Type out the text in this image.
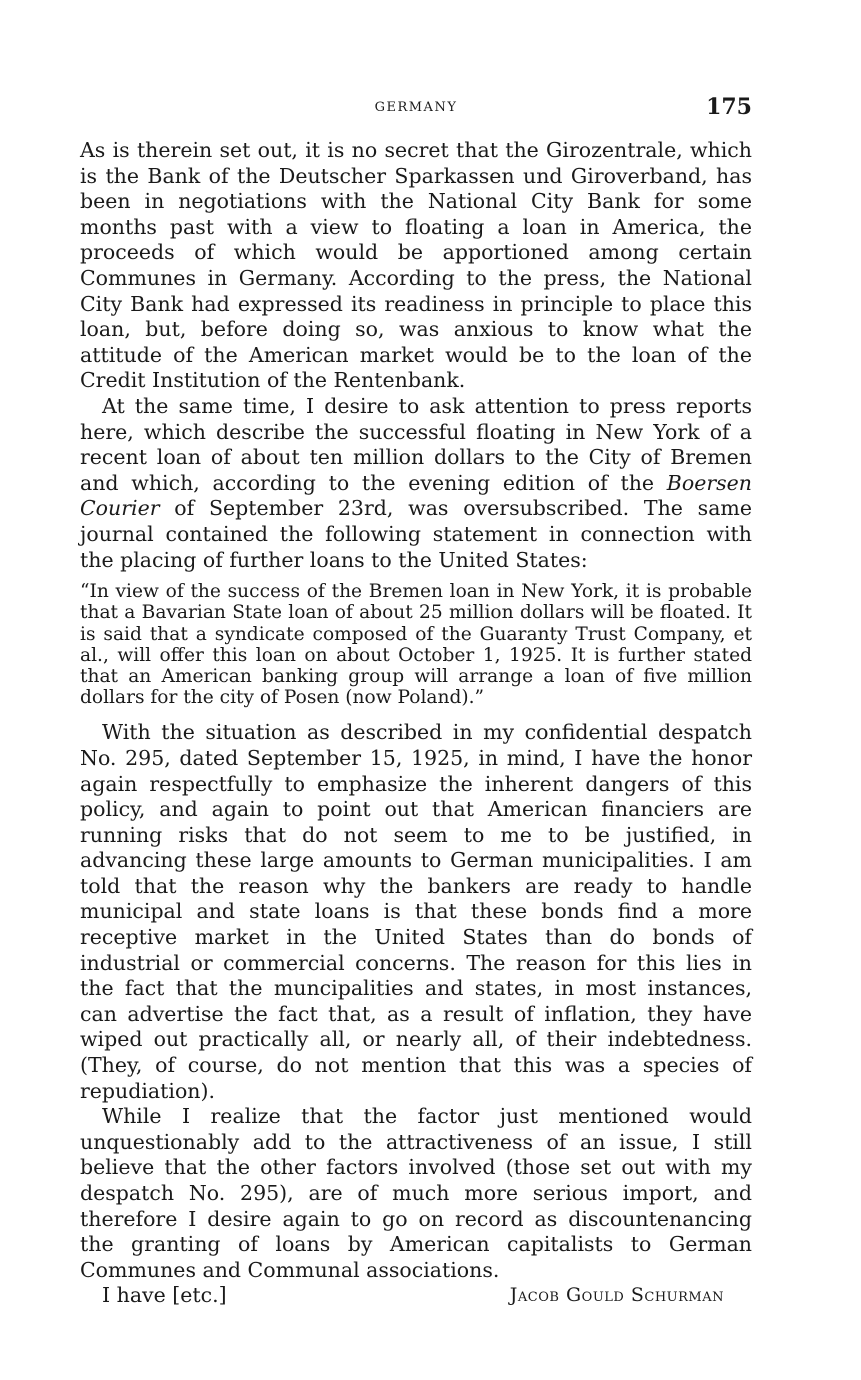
GERMANY	175

As is therein set out, it is no secret that the Girozentrale, which is the Bank of the Deutscher Sparkassen und Giroverband, has been in negotiations with the National City Bank for some months past with a view to floating a loan in America, the proceeds of which would be apportioned among certain Communes in Germany. According to the press, the National City Bank had expressed its readiness in principle to place this loan, but, before doing so, was anxious to know what the attitude of the American market would be to the loan of the Credit Institution of the Rentenbank.

At the same time, I desire to ask attention to press reports here, which describe the successful floating in New York of a recent loan of about ten million dollars to the City of Bremen and which, according to the evening edition of the Boersen Courier of September 23rd, was oversubscribed. The same journal contained the following statement in connection with the placing of further loans to the United States:

“In view of the success of the Bremen loan in New York, it is probable that a Bavarian State loan of about 25 million dollars will be floated. It is said that a syndicate composed of the Guaranty Trust Company, et al., will offer this loan on about October 1, 1925. It is further stated that an American banking group will arrange a loan of five million dollars for the city of Posen (now Poland).”

With the situation as described in my confidential despatch No. 295, dated September 15, 1925, in mind, I have the honor again respectfully to emphasize the inherent dangers of this policy, and again to point out that American financiers are running risks that do not seem to me to be justified, in advancing these large amounts to German municipalities. I am told that the reason why the bankers are ready to handle municipal and state loans is that these bonds find a more receptive market in the United States than do bonds of industrial or commercial concerns. The reason for this lies in the fact that the muncipalities and states, in most instances, can advertise the fact that, as a result of inflation, they have wiped out practically all, or nearly all, of their indebtedness. (They, of course, do not mention that this was a species of repudiation).

While I realize that the factor just mentioned would unquestionably add to the attractiveness of an issue, I still believe that the other factors involved (those set out with my despatch No. 295), are of much more serious import, and therefore I desire again to go on record as discountenancing the granting of loans by American capitalists to German Communes and Communal associations.

I have [etc.]	Jacob Gould Schurman
